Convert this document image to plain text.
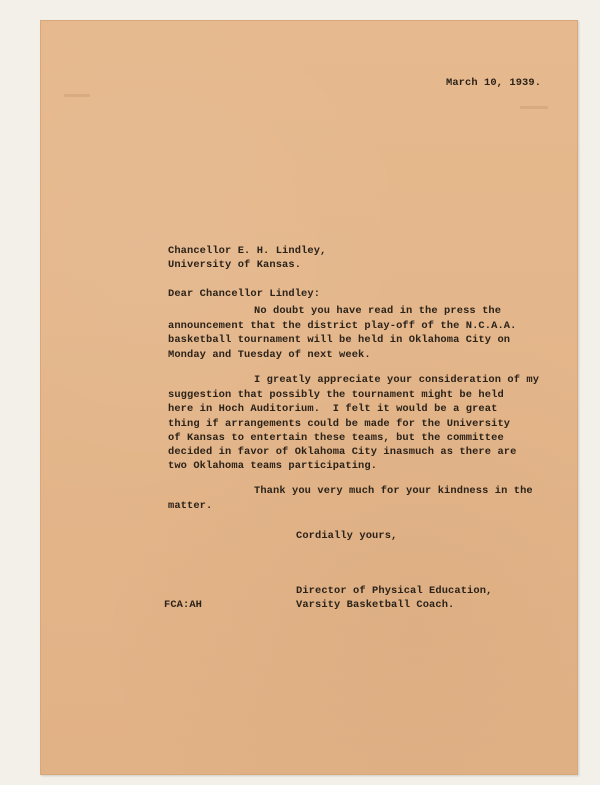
March 10, 1939.
Chancellor E. H. Lindley,
University of Kansas.
Dear Chancellor Lindley:
No doubt you have read in the press the
announcement that the district play-off of the N.C.A.A.
basketball tournament will be held in Oklahoma City on
Monday and Tuesday of next week.
I greatly appreciate your consideration of my
suggestion that possibly the tournament might be held
here in Hoch Auditorium.  I felt it would be a great
thing if arrangements could be made for the University
of Kansas to entertain these teams, but the committee
decided in favor of Oklahoma City inasmuch as there are
two Oklahoma teams participating.
Thank you very much for your kindness in the
matter.
Cordially yours,
Director of Physical Education,
Varsity Basketball Coach.
FCA:AH
